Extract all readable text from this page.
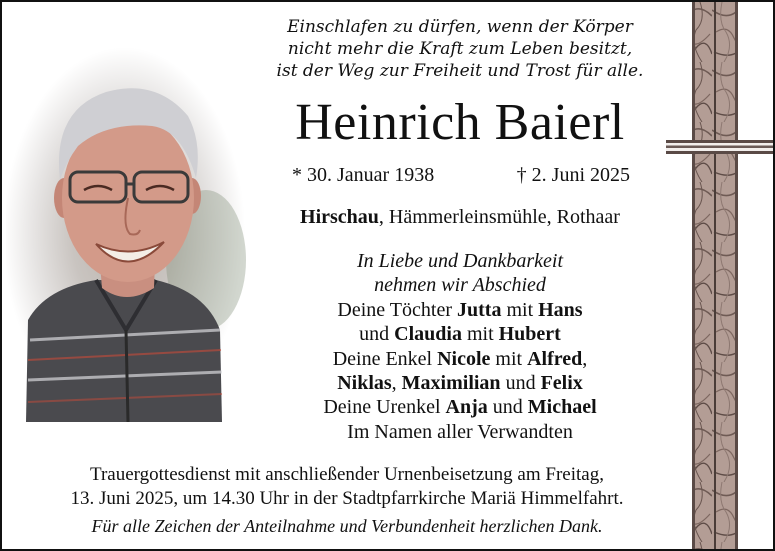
Einschlafen zu dürfen, wenn der Körper
nicht mehr die Kraft zum Leben besitzt,
ist der Weg zur Freiheit und Trost für alle.
Heinrich Baierl
* 30. Januar 1938	† 2. Juni 2025
Hirschau, Hämmerleinsmühle, Rothaar
In Liebe und Dankbarkeit
nehmen wir Abschied
Deine Töchter Jutta mit Hans
und Claudia mit Hubert
Deine Enkel Nicole mit Alfred,
Niklas, Maximilian und Felix
Deine Urenkel Anja und Michael
Im Namen aller Verwandten
Trauergottesdienst mit anschließender Urnenbeisetzung am Freitag,
13. Juni 2025, um 14.30 Uhr in der Stadtpfarrkirche Mariä Himmelfahrt.
Für alle Zeichen der Anteilnahme und Verbundenheit herzlichen Dank.
